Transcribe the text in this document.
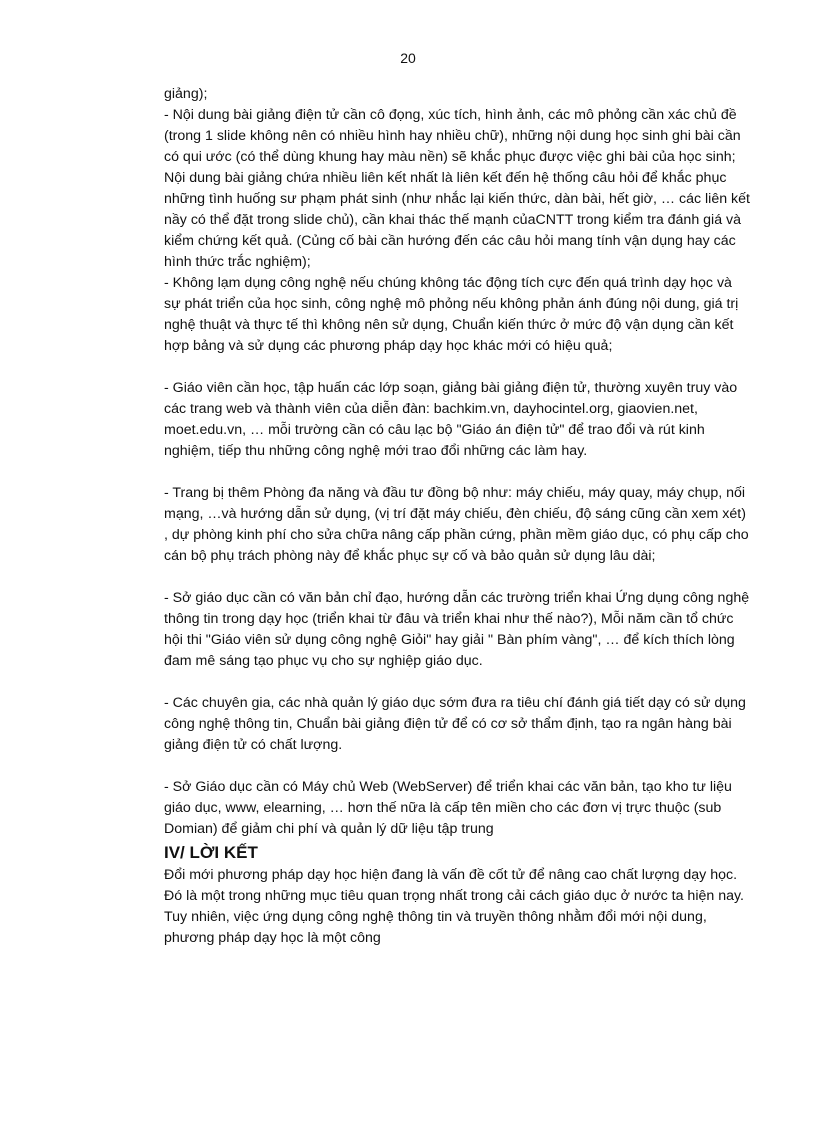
20

giảng);

- Nội dung bài giảng điện tử cần cô đọng, xúc tích, hình ảnh, các mô phỏng cần xác chủ đề (trong 1 slide không nên có nhiều hình hay nhiều chữ), những nội dung học sinh ghi bài cần có qui ước (có thể dùng khung hay màu nền) sẽ khắc phục được việc ghi bài của học sinh; Nội dung bài giảng chứa nhiều liên kết nhất là liên kết đến hệ thống câu hỏi để khắc phục những tình huống sư phạm phát sinh (như nhắc lại kiến thức, dàn bài, hết giờ, … các liên kết nầy có thể đặt trong slide chủ), cần khai thác thế mạnh củaCNTT trong kiểm tra đánh giá và kiểm chứng kết quả. (Củng cố bài cần hướng đến các câu hỏi mang tính vận dụng hay các hình thức trắc nghiệm);

- Không lạm dụng công nghệ nếu chúng không tác động tích cực đến quá trình dạy học và sự phát triển của học sinh, công nghệ mô phỏng nếu không phản ánh đúng nội dung, giá trị nghệ thuật và thực tế thì không nên sử dụng, Chuẩn kiến thức ở mức độ vận dụng cần kết hợp bảng và sử dụng các phương pháp dạy học khác mới có hiệu quả;

- Giáo viên cần học, tập huấn các lớp soạn, giảng bài giảng điện tử, thường xuyên truy vào các trang web và thành viên của diễn đàn: bachkim.vn, dayhocintel.org, giaovien.net, moet.edu.vn, … mỗi trường cần có câu lạc bộ "Giáo án điện tử" để trao đổi và rút kinh nghiệm, tiếp thu những công nghệ mới trao đổi những các làm hay.

- Trang bị thêm Phòng đa năng và đầu tư đồng bộ như: máy chiếu, máy quay, máy chụp, nối mạng, …và hướng dẫn sử dụng, (vị trí đặt máy chiếu, đèn chiếu, độ sáng cũng cần xem xét) , dự phòng kinh phí cho sửa chữa nâng cấp phần cứng, phần mềm giáo dục, có phụ cấp cho cán bộ phụ trách phòng này để khắc phục sự cố và bảo quản sử dụng lâu dài;

- Sở giáo dục cần có văn bản chỉ đạo, hướng dẫn các trường triển khai Ứng dụng công nghệ thông tin trong dạy học (triển khai từ đâu và triển khai như thế nào?), Mỗi năm cần tổ chức hội thi "Giáo viên sử dụng công nghệ Giỏi" hay giải " Bàn phím vàng", … để kích thích lòng đam mê sáng tạo phục vụ cho sự nghiệp giáo dục.

- Các chuyên gia, các nhà quản lý giáo dục sớm đưa ra tiêu chí đánh giá tiết dạy có sử dụng công nghệ thông tin, Chuẩn bài giảng điện tử để có cơ sở thẩm định, tạo ra ngân hàng bài giảng điện tử có chất lượng.

- Sở Giáo dục cần có Máy chủ Web (WebServer) để triển khai các văn bản, tạo kho tư liệu giáo dục, www, elearning, … hơn thế nữa là cấp tên miền cho các đơn vị trực thuộc (sub Domian) để giảm chi phí và quản lý dữ liệu tập trung

IV/ LỜI KẾT

Đổi mới phương pháp dạy học hiện đang là vấn đề cốt tử để nâng cao chất lượng dạy học. Đó là một trong những mục tiêu quan trọng nhất trong cải cách giáo dục ở nước ta hiện nay. Tuy nhiên, việc ứng dụng công nghệ thông tin và truyền thông nhằm đổi mới nội dung, phương pháp dạy học là một công
